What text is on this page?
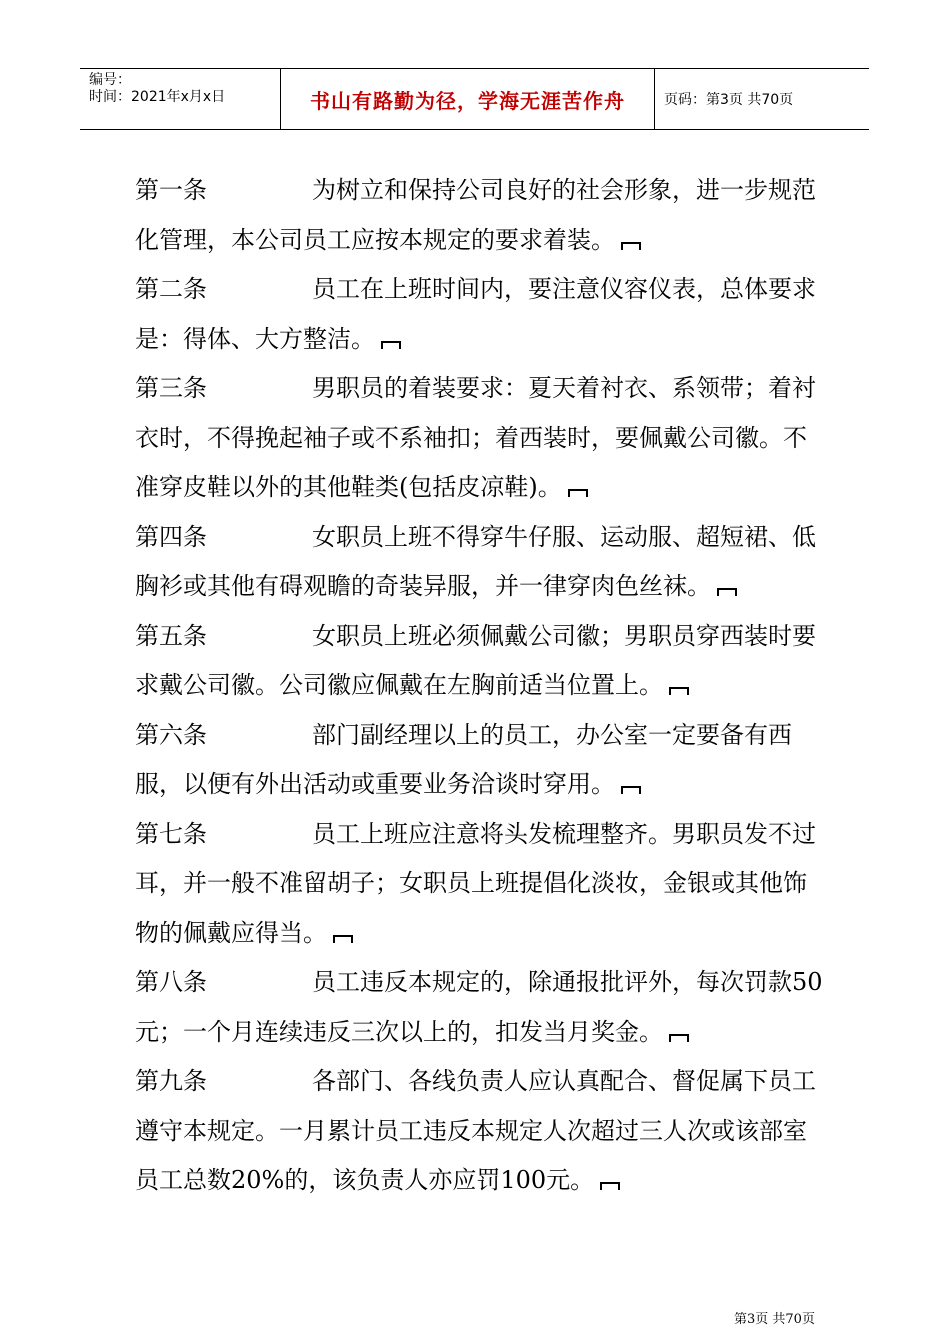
编号：
时间：2021年x月x日	书山有路勤为径，学海无涯苦作舟	页码：第3页 共70页

第一条	为树立和保持公司良好的社会形象，进一步规范化管理，本公司员工应按本规定的要求着装。

第二条	员工在上班时间内，要注意仪容仪表，总体要求是：得体、大方整洁。

第三条	男职员的着装要求：夏天着衬衣、系领带；着衬衣时，不得挽起袖子或不系袖扣；着西装时，要佩戴公司徽。不准穿皮鞋以外的其他鞋类(包括皮凉鞋)。

第四条	女职员上班不得穿牛仔服、运动服、超短裙、低胸衫或其他有碍观瞻的奇装异服，并一律穿肉色丝袜。

第五条	女职员上班必须佩戴公司徽；男职员穿西装时要求戴公司徽。公司徽应佩戴在左胸前适当位置上。

第六条	部门副经理以上的员工，办公室一定要备有西服，以便有外出活动或重要业务洽谈时穿用。

第七条	员工上班应注意将头发梳理整齐。男职员发不过耳，并一般不准留胡子；女职员上班提倡化淡妆，金银或其他饰物的佩戴应得当。

第八条	员工违反本规定的，除通报批评外，每次罚款50元；一个月连续违反三次以上的，扣发当月奖金。

第九条	各部门、各线负责人应认真配合、督促属下员工遵守本规定。一月累计员工违反本规定人次超过三人次或该部室员工总数20%的，该负责人亦应罚100元。

第3页 共70页
